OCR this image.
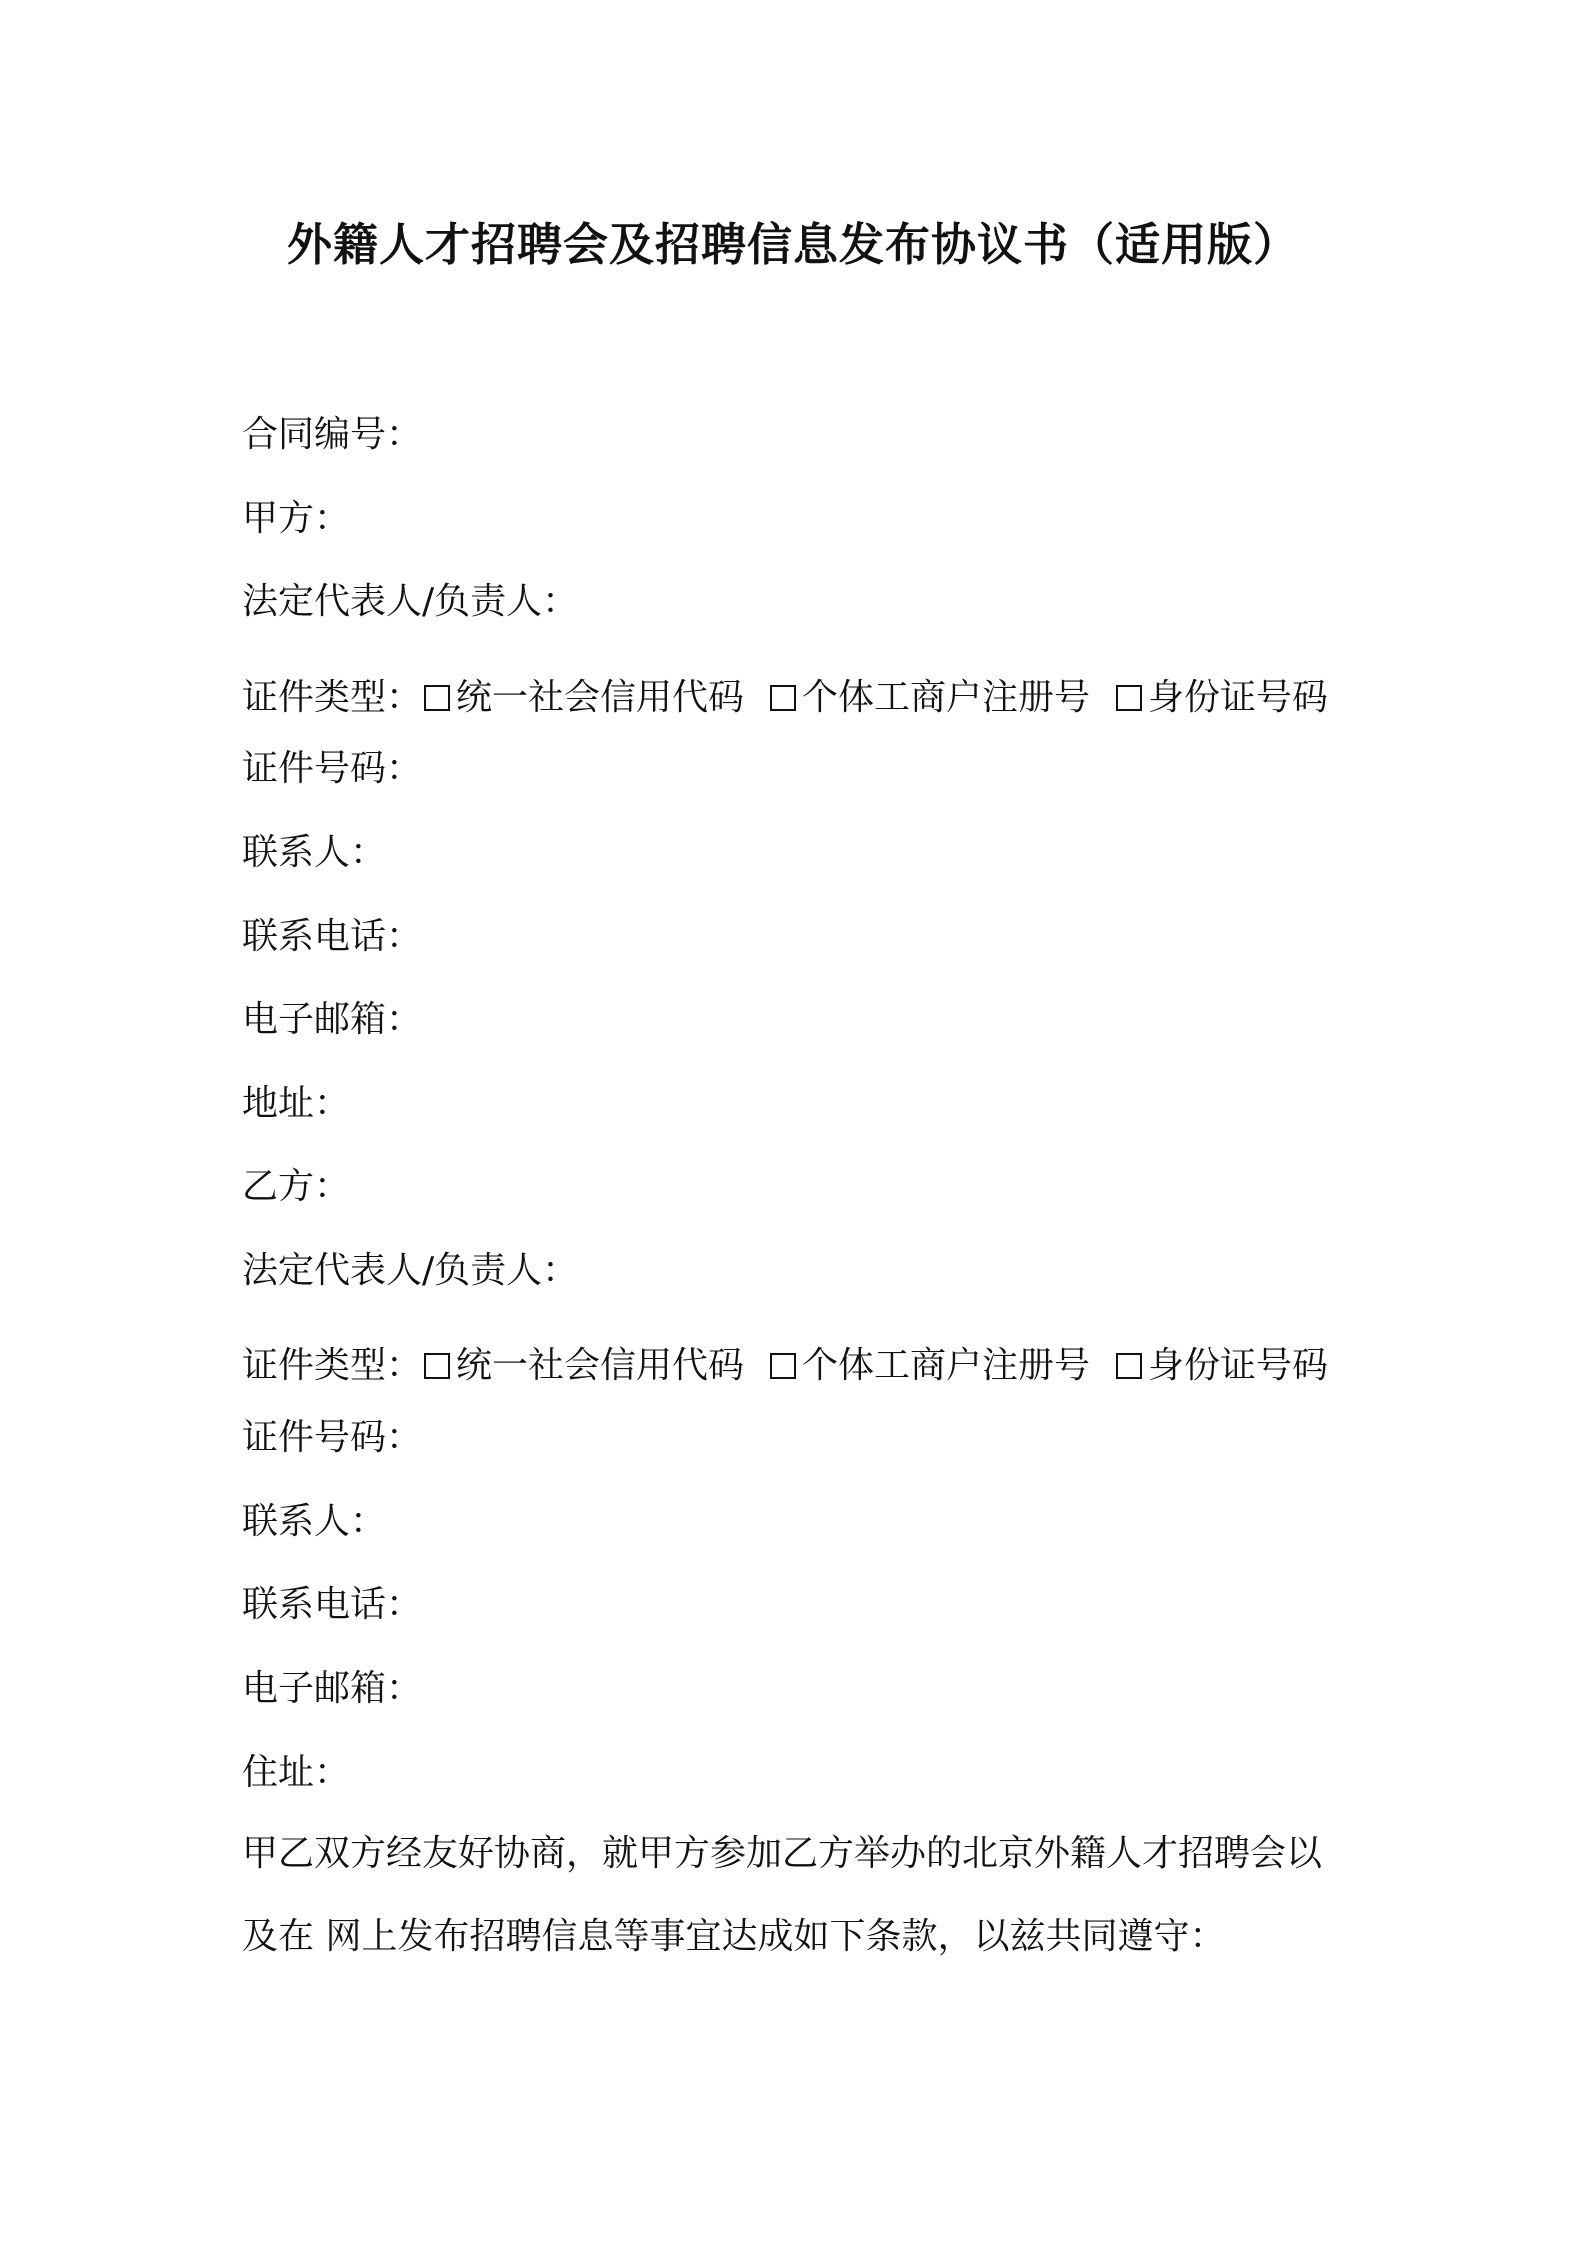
外籍人才招聘会及招聘信息发布协议书（适用版）
合同编号：
甲方：
法定代表人/负责人：
证件类型： 统一社会信用代码 个体工商户注册号 身份证号码
证件号码：
联系人：
联系电话：
电子邮箱：
地址：
乙方：
法定代表人/负责人：
证件类型： 统一社会信用代码 个体工商户注册号 身份证号码
证件号码：
联系人：
联系电话：
电子邮箱：
住址：
甲乙双方经友好协商，就甲方参加乙方举办的北京外籍人才招聘会以
及在 网上发布招聘信息等事宜达成如下条款，以兹共同遵守：
